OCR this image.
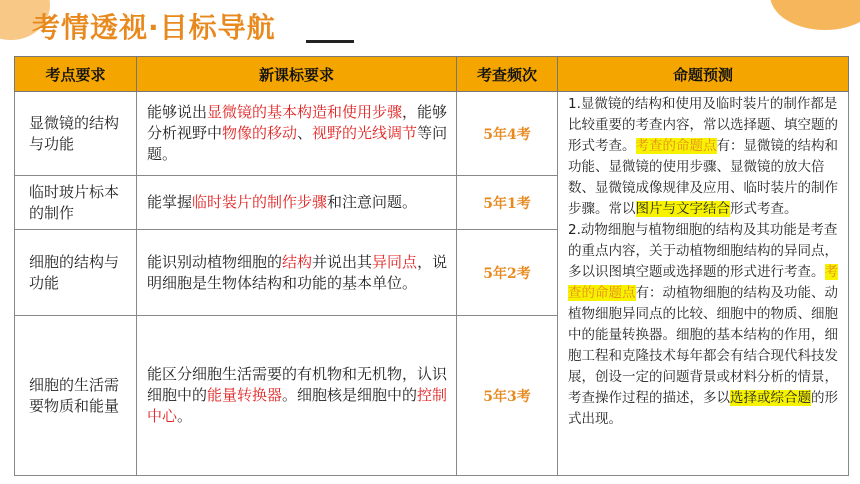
考情透视·目标导航
考点要求	新课标要求	考查频次	命题预测
显微镜的结构与功能	能够说出显微镜的基本构造和使用步骤，能够分析视野中物像的移动、视野的光线调节等问题。	5年4考	1.显微镜的结构和使用及临时装片的制作都是比较重要的考查内容，常以选择题、填空题的形式考查。考查的命题点有：显微镜的结构和功能、显微镜的使用步骤、显微镜的放大倍数、显微镜成像规律及应用、临时装片的制作步骤。常以图片与文字结合形式考查。
2.动物细胞与植物细胞的结构及其功能是考查的重点内容，关于动植物细胞结构的异同点，多以识图填空题或选择题的形式进行考查。考查的命题点有：动植物细胞的结构及功能、动植物细胞异同点的比较、细胞中的物质、细胞中的能量转换器。细胞的基本结构的作用，细胞工程和克隆技术每年都会有结合现代科技发展，创设一定的问题背景或材料分析的情景，考查操作过程的描述，多以选择或综合题的形式出现。
临时玻片标本的制作	能掌握临时装片的制作步骤和注意问题。	5年1考	
细胞的结构与功能	能识别动植物细胞的结构并说出其异同点，说明细胞是生物体结构和功能的基本单位。	5年2考	
细胞的生活需要物质和能量	能区分细胞生活需要的有机物和无机物，认识细胞中的能量转换器。细胞核是细胞中的控制中心。	5年3考	
